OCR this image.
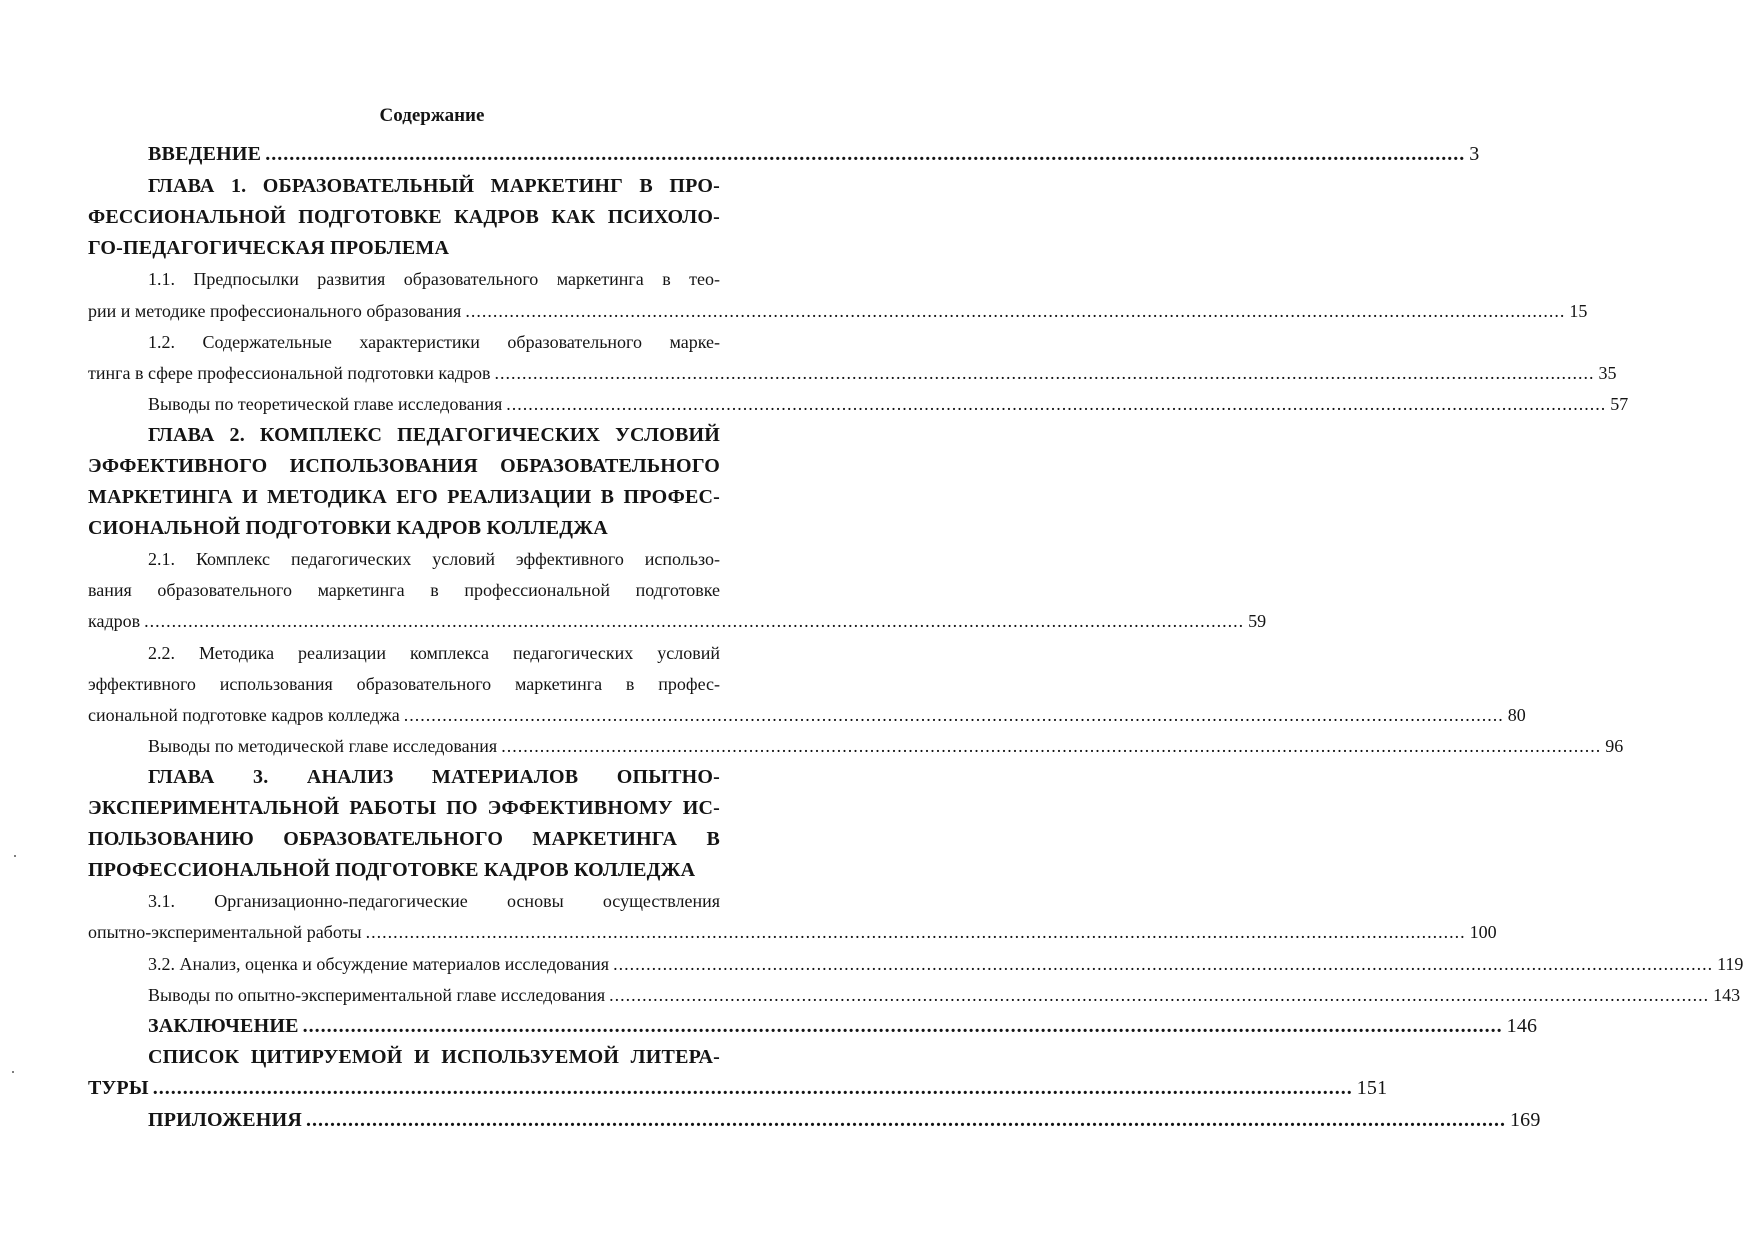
Содержание
ВВЕДЕНИЕ ........................................................................................................................................................................................................ 3
ГЛАВА 1. ОБРАЗОВАТЕЛЬНЫЙ МАРКЕТИНГ В ПРО-
ФЕССИОНАЛЬНОЙ ПОДГОТОВКЕ КАДРОВ КАК ПСИХОЛО-
ГО-ПЕДАГОГИЧЕСКАЯ ПРОБЛЕМА
1.1. Предпосылки развития образовательного маркетинга в тео-
рии и методике профессионального образования ........................................................................................................................................................................................................ 15
1.2. Содержательные характеристики образовательного марке-
тинга в сфере профессиональной подготовки кадров ........................................................................................................................................................................................................ 35
Выводы по теоретической главе исследования ........................................................................................................................................................................................................ 57
ГЛАВА 2. КОМПЛЕКС ПЕДАГОГИЧЕСКИХ УСЛОВИЙ
ЭФФЕКТИВНОГО ИСПОЛЬЗОВАНИЯ ОБРАЗОВАТЕЛЬНОГО
МАРКЕТИНГА И МЕТОДИКА ЕГО РЕАЛИЗАЦИИ В ПРОФЕС-
СИОНАЛЬНОЙ ПОДГОТОВКИ КАДРОВ КОЛЛЕДЖА
2.1. Комплекс педагогических условий эффективного использо-
вания образовательного маркетинга в профессиональной подготовке
кадров ........................................................................................................................................................................................................ 59
2.2. Методика реализации комплекса педагогических условий
эффективного использования образовательного маркетинга в профес-
сиональной подготовке кадров колледжа ........................................................................................................................................................................................................ 80
Выводы по методической главе исследования ........................................................................................................................................................................................................ 96
ГЛАВА 3. АНАЛИЗ МАТЕРИАЛОВ ОПЫТНО-
ЭКСПЕРИМЕНТАЛЬНОЙ РАБОТЫ ПО ЭФФЕКТИВНОМУ ИС-
ПОЛЬЗОВАНИЮ ОБРАЗОВАТЕЛЬНОГО МАРКЕТИНГА В
ПРОФЕССИОНАЛЬНОЙ ПОДГОТОВКЕ КАДРОВ КОЛЛЕДЖА
3.1. Организационно-педагогические основы осуществления
опытно-экспериментальной работы ........................................................................................................................................................................................................ 100
3.2. Анализ, оценка и обсуждение материалов исследования ........................................................................................................................................................................................................ 119
Выводы по опытно-экспериментальной главе исследования ........................................................................................................................................................................................................ 143
ЗАКЛЮЧЕНИЕ ........................................................................................................................................................................................................ 146
СПИСОК ЦИТИРУЕМОЙ И ИСПОЛЬЗУЕМОЙ ЛИТЕРА-
ТУРЫ ........................................................................................................................................................................................................ 151
ПРИЛОЖЕНИЯ ........................................................................................................................................................................................................ 169
